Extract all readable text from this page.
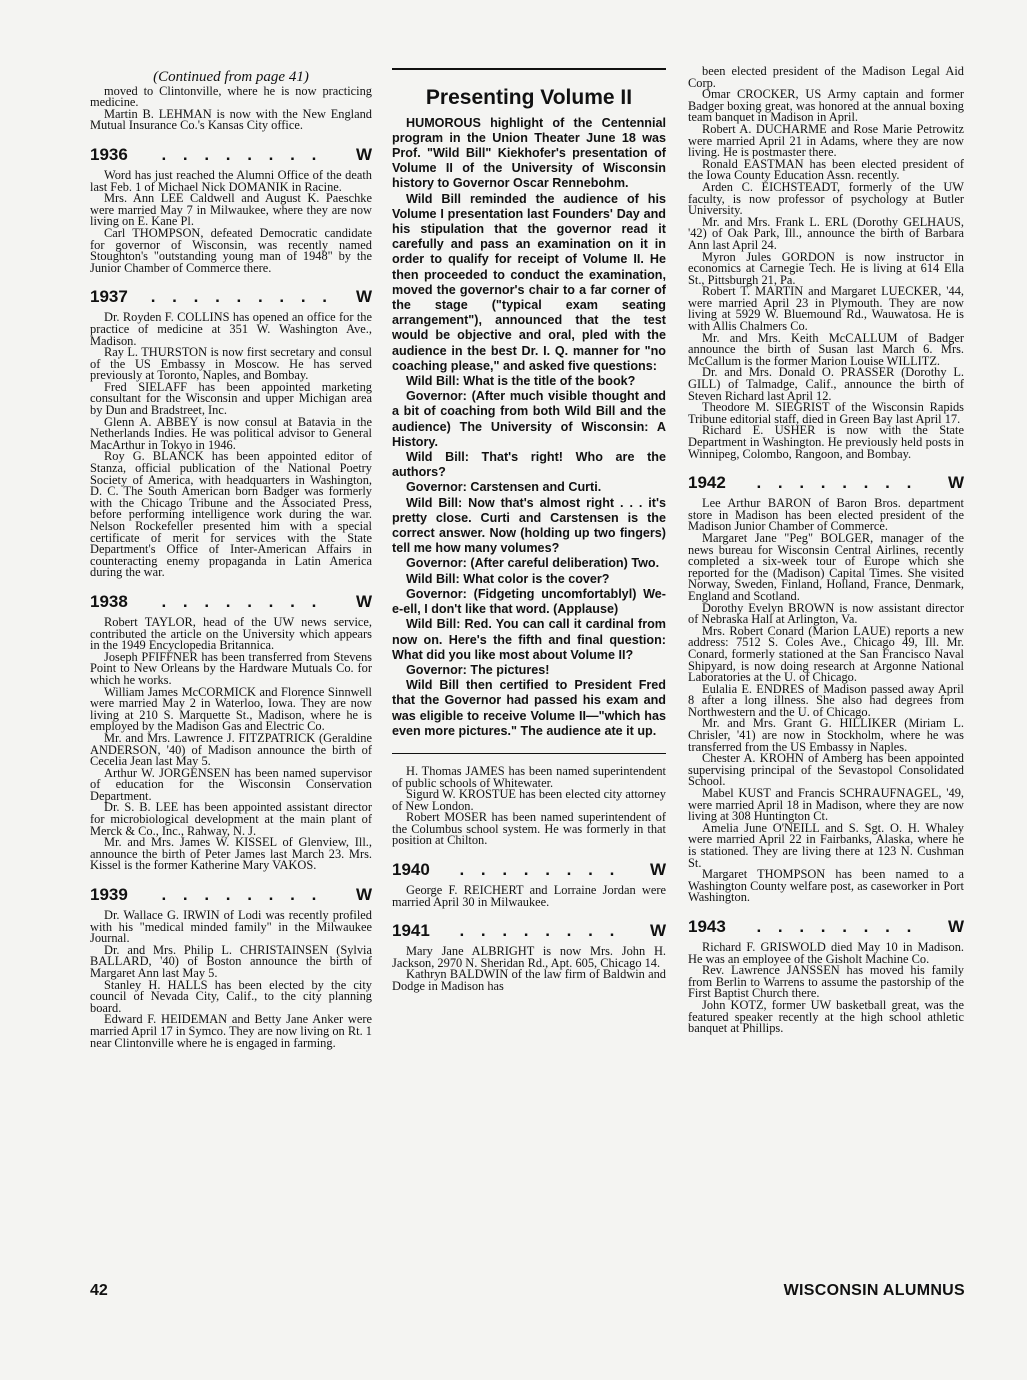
(Continued from page 41)

moved to Clintonville, where he is now practicing medicine.

Martin B. LEHMAN is now with the New England Mutual Insurance Co.'s Kansas City office.

1936	. . . . . . . .	W

Word has just reached the Alumni Office of the death last Feb. 1 of Michael Nick DOMANIK in Racine.

Mrs. Ann LEE Caldwell and August K. Paeschke were married May 7 in Milwaukee, where they are now living on E. Kane Pl.

Carl THOMPSON, defeated Democratic candidate for governor of Wisconsin, was recently named Stoughton's "outstanding young man of 1948" by the Junior Chamber of Commerce there.

1937	. . . . . . . . .	W

Dr. Royden F. COLLINS has opened an office for the practice of medicine at 351 W. Washington Ave., Madison.

Ray L. THURSTON is now first secretary and consul of the US Embassy in Moscow. He has served previously at Toronto, Naples, and Bombay.

Fred SIELAFF has been appointed marketing consultant for the Wisconsin and upper Michigan area by Dun and Bradstreet, Inc.

Glenn A. ABBEY is now consul at Batavia in the Netherlands Indies. He was political advisor to General MacArthur in Tokyo in 1946.

Roy G. BLANCK has been appointed editor of Stanza, official publication of the National Poetry Society of America, with headquarters in Washington, D. C. The South American born Badger was formerly with the Chicago Tribune and the Associated Press, before performing intelligence work during the war. Nelson Rockefeller presented him with a special certificate of merit for services with the State Department's Office of Inter-American Affairs in counteracting enemy propaganda in Latin America during the war.

1938	. . . . . . . .	W

Robert TAYLOR, head of the UW news service, contributed the article on the University which appears in the 1949 Encyclopedia Britannica.

Joseph PFIFFNER has been transferred from Stevens Point to New Orleans by the Hardware Mutuals Co. for which he works.

William James McCORMICK and Florence Sinnwell were married May 2 in Waterloo, Iowa. They are now living at 210 S. Marquette St., Madison, where he is employed by the Madison Gas and Electric Co.

Mr. and Mrs. Lawrence J. FITZPATRICK (Geraldine ANDERSON, '40) of Madison announce the birth of Cecelia Jean last May 5.

Arthur W. JORGENSEN has been named supervisor of education for the Wisconsin Conservation Department.

Dr. S. B. LEE has been appointed assistant director for microbiological development at the main plant of Merck & Co., Inc., Rahway, N. J.

Mr. and Mrs. James W. KISSEL of Glenview, Ill., announce the birth of Peter James last March 23. Mrs. Kissel is the former Katherine Mary VAKOS.

1939	. . . . . . . .	W

Dr. Wallace G. IRWIN of Lodi was recently profiled with his "medical minded family" in the Milwaukee Journal.

Dr. and Mrs. Philip L. CHRISTAINSEN (Sylvia BALLARD, '40) of Boston announce the birth of Margaret Ann last May 5.

Stanley H. HALLS has been elected by the city council of Nevada City, Calif., to the city planning board.

Edward F. HEIDEMAN and Betty Jane Anker were married April 17 in Symco. They are now living on Rt. 1 near Clintonville where he is engaged in farming.

Presenting Volume II

HUMOROUS highlight of the Centennial program in the Union Theater June 18 was Prof. "Wild Bill" Kiekhofer's presentation of Volume II of the University of Wisconsin history to Governor Oscar Rennebohm.

Wild Bill reminded the audience of his Volume I presentation last Founders' Day and his stipulation that the governor read it carefully and pass an examination on it in order to qualify for receipt of Volume II. He then proceeded to conduct the examination, moved the governor's chair to a far corner of the stage ("typical exam seating arrangement"), announced that the test would be objective and oral, pled with the audience in the best Dr. I. Q. manner for "no coaching please," and asked five questions:

Wild Bill: What is the title of the book?

Governor: (After much visible thought and a bit of coaching from both Wild Bill and the audience) The University of Wisconsin: A History.

Wild Bill: That's right! Who are the authors?

Governor: Carstensen and Curti.

Wild Bill: Now that's almost right . . . it's pretty close. Curti and Carstensen is the correct answer. Now (holding up two fingers) tell me how many volumes?

Governor: (After careful deliberation) Two.

Wild Bill: What color is the cover?

Governor: (Fidgeting uncomfortablyl) We-e-ell, I don't like that word. (Applause)

Wild Bill: Red. You can call it cardinal from now on. Here's the fifth and final question: What did you like most about Volume II?

Governor: The pictures!

Wild Bill then certified to President Fred that the Governor had passed his exam and was eligible to receive Volume II—"which has even more pictures." The audience ate it up.

H. Thomas JAMES has been named superintendent of public schools of Whitewater.

Sigurd W. KROSTUE has been elected city attorney of New London.

Robert MOSER has been named superintendent of the Columbus school system. He was formerly in that position at Chilton.

1940	. . . . . . . .	W

George F. REICHERT and Lorraine Jordan were married April 30 in Milwaukee.

1941	. . . . . . . .	W

Mary Jane ALBRIGHT is now Mrs. John H. Jackson, 2970 N. Sheridan Rd., Apt. 605, Chicago 14.

Kathryn BALDWIN of the law firm of Baldwin and Dodge in Madison has

been elected president of the Madison Legal Aid Corp.

Omar CROCKER, US Army captain and former Badger boxing great, was honored at the annual boxing team banquet in Madison in April.

Robert A. DUCHARME and Rose Marie Petrowitz were married April 21 in Adams, where they are now living. He is postmaster there.

Ronald EASTMAN has been elected president of the Iowa County Education Assn. recently.

Arden C. EICHSTEADT, formerly of the UW faculty, is now professor of psychology at Butler University.

Mr. and Mrs. Frank L. ERL (Dorothy GELHAUS, '42) of Oak Park, Ill., announce the birth of Barbara Ann last April 24.

Myron Jules GORDON is now instructor in economics at Carnegie Tech. He is living at 614 Ella St., Pittsburgh 21, Pa.

Robert T. MARTIN and Margaret LUECKER, '44, were married April 23 in Plymouth. They are now living at 5929 W. Bluemound Rd., Wauwatosa. He is with Allis Chalmers Co.

Mr. and Mrs. Keith McCALLUM of Badger announce the birth of Susan last March 6. Mrs. McCallum is the former Marion Louise WILLITZ.

Dr. and Mrs. Donald O. PRASSER (Dorothy L. GILL) of Talmadge, Calif., announce the birth of Steven Richard last April 12.

Theodore M. SIEGRIST of the Wisconsin Rapids Tribune editorial staff, died in Green Bay last April 17.

Richard E. USHER is now with the State Department in Washington. He previously held posts in Winnipeg, Colombo, Rangoon, and Bombay.

1942	. . . . . . . .	W

Lee Arthur BARON of Baron Bros. department store in Madison has been elected president of the Madison Junior Chamber of Commerce.

Margaret Jane "Peg" BOLGER, manager of the news bureau for Wisconsin Central Airlines, recently completed a six-week tour of Europe which she reported for the (Madison) Capital Times. She visited Norway, Sweden, Finland, Holland, France, Denmark, England and Scotland.

Dorothy Evelyn BROWN is now assistant director of Nebraska Hall at Arlington, Va.

Mrs. Robert Conard (Marion LAUE) reports a new address: 7512 S. Coles Ave., Chicago 49, Ill. Mr. Conard, formerly stationed at the San Francisco Naval Shipyard, is now doing research at Argonne National Laboratories at the U. of Chicago.

Eulalia E. ENDRES of Madison passed away April 8 after a long illness. She also had degrees from Northwestern and the U. of Chicago.

Mr. and Mrs. Grant G. HILLIKER (Miriam L. Chrisler, '41) are now in Stockholm, where he was transferred from the US Embassy in Naples.

Chester A. KROHN of Amberg has been appointed supervising principal of the Sevastopol Consolidated School.

Mabel KUST and Francis SCHRAUFNAGEL, '49, were married April 18 in Madison, where they are now living at 308 Huntington Ct.

Amelia June O'NEILL and S. Sgt. O. H. Whaley were married April 22 in Fairbanks, Alaska, where he is stationed. They are living there at 123 N. Cushman St.

Margaret THOMPSON has been named to a Washington County welfare post, as caseworker in Port Washington.

1943	. . . . . . . .	W

Richard F. GRISWOLD died May 10 in Madison. He was an employee of the Gisholt Machine Co.

Rev. Lawrence JANSSEN has moved his family from Berlin to Warrens to assume the pastorship of the First Baptist Church there.

John KOTZ, former UW basketball great, was the featured speaker recently at the high school athletic banquet at Phillips.

42	WISCONSIN ALUMNUS
